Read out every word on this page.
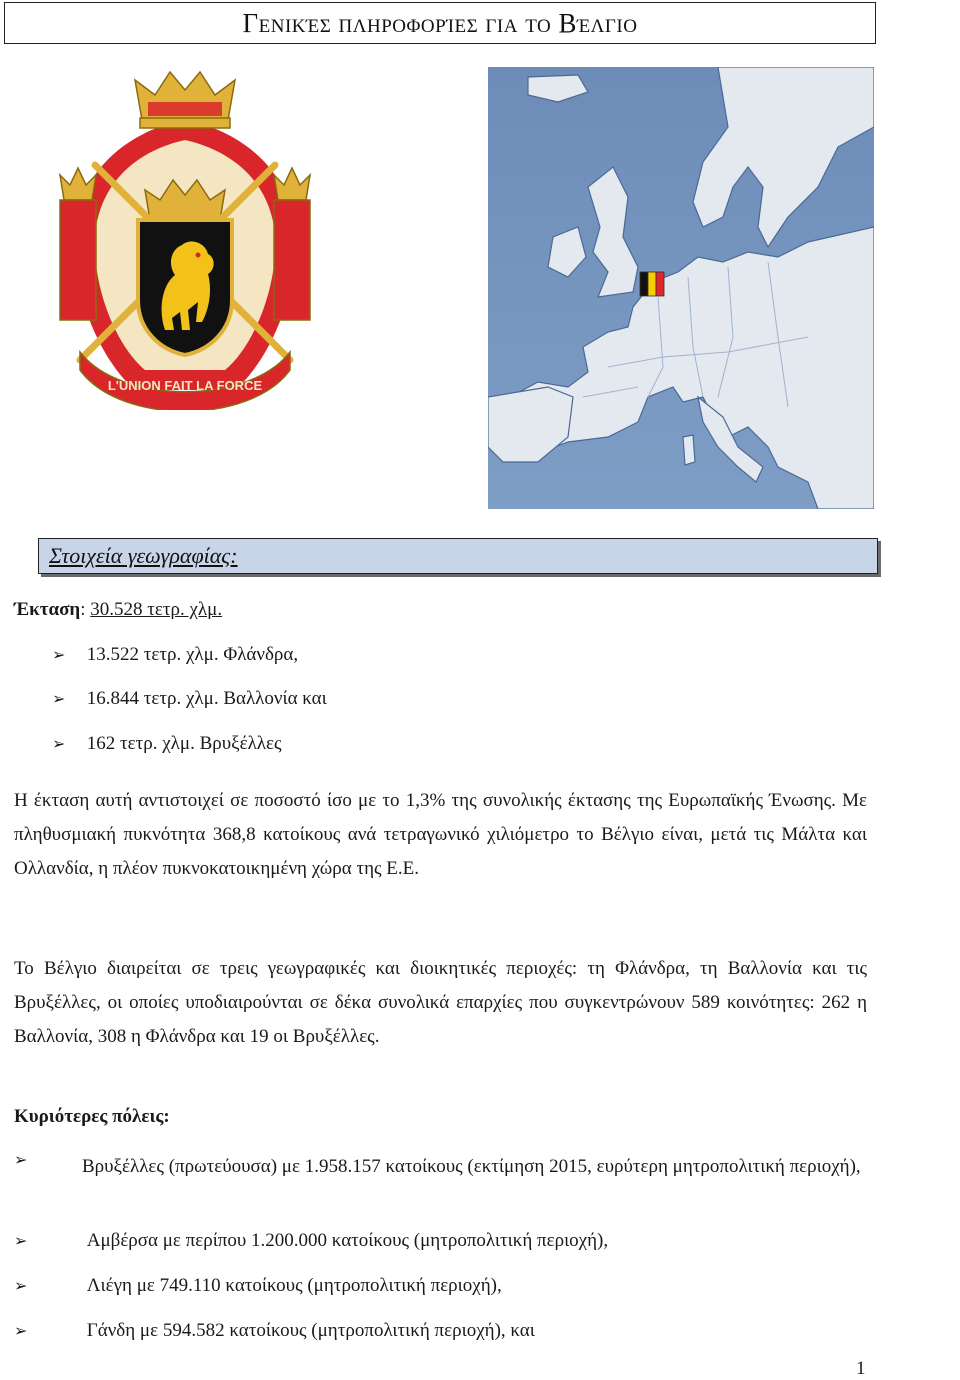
Γενικές πληροφορίες για το Βέλγιο
L'UNION FAIT LA FORCE
Στοιχεία γεωγραφίας:
Έκταση: 30.528 τετρ. χλμ.
➢ 13.522 τετρ. χλμ. Φλάνδρα,
➢ 16.844 τετρ. χλμ. Βαλλονία και
➢ 162 τετρ. χλμ. Βρυξέλλες
Η έκταση αυτή αντιστοιχεί σε ποσοστό ίσο με το 1,3% της συνολικής έκτασης της Ευρωπαϊκής Ένωσης. Με πληθυσμιακή πυκνότητα 368,8 κατοίκους ανά τετραγωνικό χιλιόμετρο το Βέλγιο είναι, μετά τις Μάλτα και Ολλανδία, η πλέον πυκνοκατοικημένη χώρα της Ε.Ε.
Το Βέλγιο διαιρείται σε τρεις γεωγραφικές και διοικητικές περιοχές: τη Φλάνδρα, τη Βαλλονία και τις Βρυξέλλες, οι οποίες υποδιαιρούνται σε δέκα συνολικά επαρχίες που συγκεντρώνουν 589 κοινότητες: 262 η Βαλλονία, 308 η Φλάνδρα και 19 οι Βρυξέλλες.
Κυριότερες πόλεις:
➢	Βρυξέλλες (πρωτεύουσα) με 1.958.157 κατοίκους (εκτίμηση 2015, ευρύτερη μητροπολιτική περιοχή),
➢	Αμβέρσα με περίπου 1.200.000 κατοίκους (μητροπολιτική περιοχή),
➢	Λιέγη με 749.110 κατοίκους (μητροπολιτική περιοχή),
➢	Γάνδη με 594.582 κατοίκους (μητροπολιτική περιοχή), και
1
